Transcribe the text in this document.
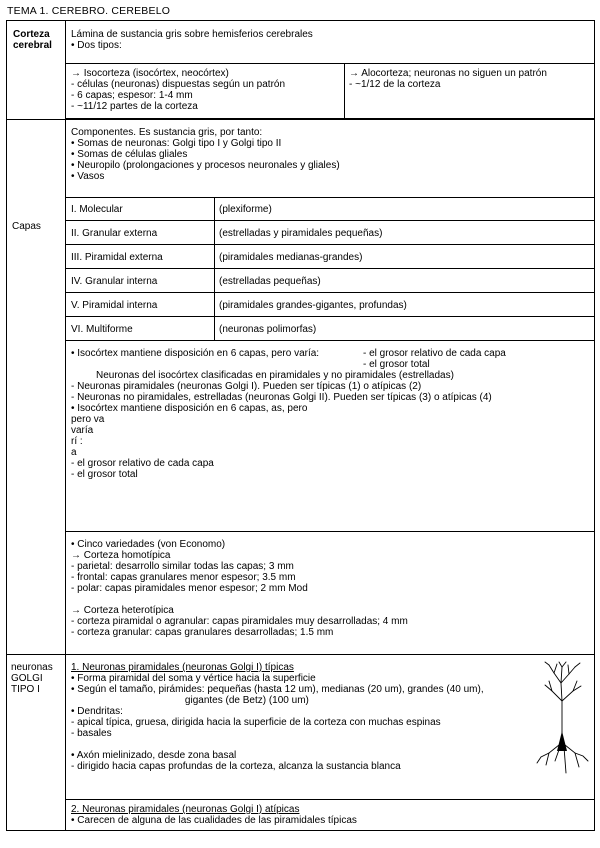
TEMA 1. CEREBRO. CEREBELO
Corteza cerebral
Lámina de sustancia gris sobre hemisferios cerebrales
• Dos tipos:
→ Isocorteza (isocórtex, neocórtex)
- células (neuronas) dispuestas según un patrón
- 6 capas; espesor: 1-4 mm
- ~11/12 partes de la corteza
→ Alocorteza; neuronas no siguen un patrón
- ~1/12 de la corteza
Capas
Componentes. Es sustancia gris, por tanto:
• Somas de neuronas: Golgi tipo I y Golgi tipo II
• Somas de células gliales
• Neuropilo (prolongaciones y procesos neuronales y gliales)
• Vasos
I. Molecular	(plexiforme)
II. Granular externa	(estrelladas y piramidales pequeñas)
III. Piramidal externa	(piramidales medianas-grandes)
IV. Granular interna	(estrelladas pequeñas)
V. Piramidal interna	(piramidales grandes-gigantes, profundas)
VI. Multiforme	(neuronas polimorfas)
• Isocórtex mantiene disposición en 6 capas, pero varía:	- el grosor relativo de cada capa
- el grosor total
Neuronas del isocórtex clasificadas en piramidales y no piramidales (estrelladas)
- Neuronas piramidales (neuronas Golgi I). Pueden ser típicas (1) o atípicas (2)
- Neuronas no piramidales, estrelladas (neuronas Golgi II). Pueden ser típicas (3) o atípicas (4)
• Isocórtex mantiene disposición en 6 capas, as, pero
pero va
varía
rí :
a
- el grosor relativo de cada capa
- el grosor total
• Cinco variedades (von Economo)
→ Corteza homotípica
- parietal: desarrollo similar todas las capas; 3 mm
- frontal: capas granulares menor espesor; 3.5 mm
- polar: capas piramidales menor espesor; 2 mm Mod
→ Corteza heterotípica
- corteza piramidal o agranular: capas piramidales muy desarrolladas; 4 mm
- corteza granular: capas granulares desarrolladas; 1.5 mm
neuronas GOLGI TIPO I
1. Neuronas piramidales (neuronas Golgi I) típicas
• Forma piramidal del soma y vértice hacia la superficie
• Según el tamaño, pirámides: pequeñas (hasta 12 um), medianas (20 um), grandes (40 um),
gigantes (de Betz) (100 um)
• Dendritas:
- apical típica, gruesa, dirigida hacia la superficie de la corteza con muchas espinas
- basales
• Axón mielinizado, desde zona basal
- dirigido hacia capas profundas de la corteza, alcanza la sustancia blanca
2. Neuronas piramidales (neuronas Golgi I) atípicas
• Carecen de alguna de las cualidades de las piramidales típicas
